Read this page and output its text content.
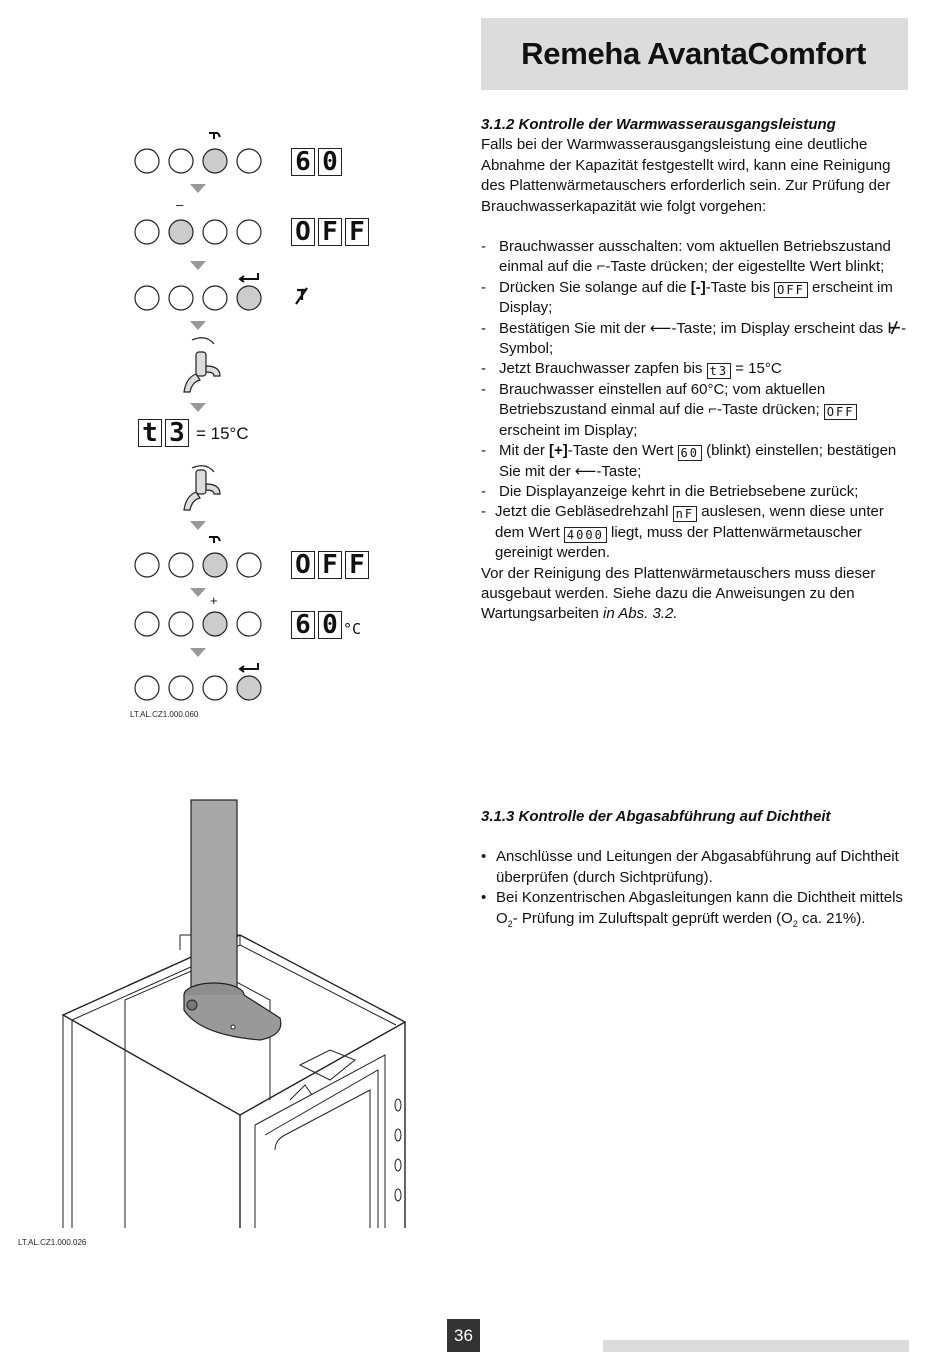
Remeha AvantaComfort
–
+
6 0
O F F
t 3 = 15°C
O F F
6 0 °C
LT.AL.CZ1.000.060
3.1.2 Kontrolle der Warmwasserausgangsleistung

Falls bei der Warmwasserausgangsleistung eine deutliche Abnahme der Kapazität festgestellt wird, kann eine Reinigung des Plattenwärmetauschers erforderlich sein. Zur Prüfung der Brauchwasserkapazität wie folgt vorgehen:

- Brauchwasser ausschalten: vom aktuellen Betriebszustand einmal auf die ⌐-Taste drücken; der eigestellte Wert blinkt;
- Drücken Sie solange auf die [-]-Taste bis OFF erscheint im Display;
- Bestätigen Sie mit der ⟵-Taste; im Display erscheint das ⊬-Symbol;
- Jetzt Brauchwasser zapfen bis t3 = 15°C
- Brauchwasser einstellen auf 60°C; vom aktuellen Betriebszustand einmal auf die ⌐-Taste drücken; OFF erscheint im Display;
- Mit der [+]-Taste den Wert 60 (blinkt) einstellen; bestätigen Sie mit der ⟵-Taste;
- Die Displayanzeige kehrt in die Betriebsebene zurück;
- Jetzt die Gebläsedrehzahl nF auslesen, wenn diese unter dem Wert 4000 liegt, muss der Plattenwärmetauscher gereinigt werden.

Vor der Reinigung des Plattenwärmetauschers muss dieser ausgebaut werden. Siehe dazu die Anweisungen zu den Wartungsarbeiten in Abs. 3.2.

3.1.3 Kontrolle der Abgasabführung auf Dichtheit
• Anschlüsse und Leitungen der Abgasabführung auf Dichtheit überprüfen (durch Sichtprüfung).
• Bei Konzentrischen Abgasleitungen kann die Dichtheit mittels $O_2-$ Prüfung im Zuluftspalt geprüft werden ($O_2$ ca. 21%).
LT.AL.CZ1.000.026
36
